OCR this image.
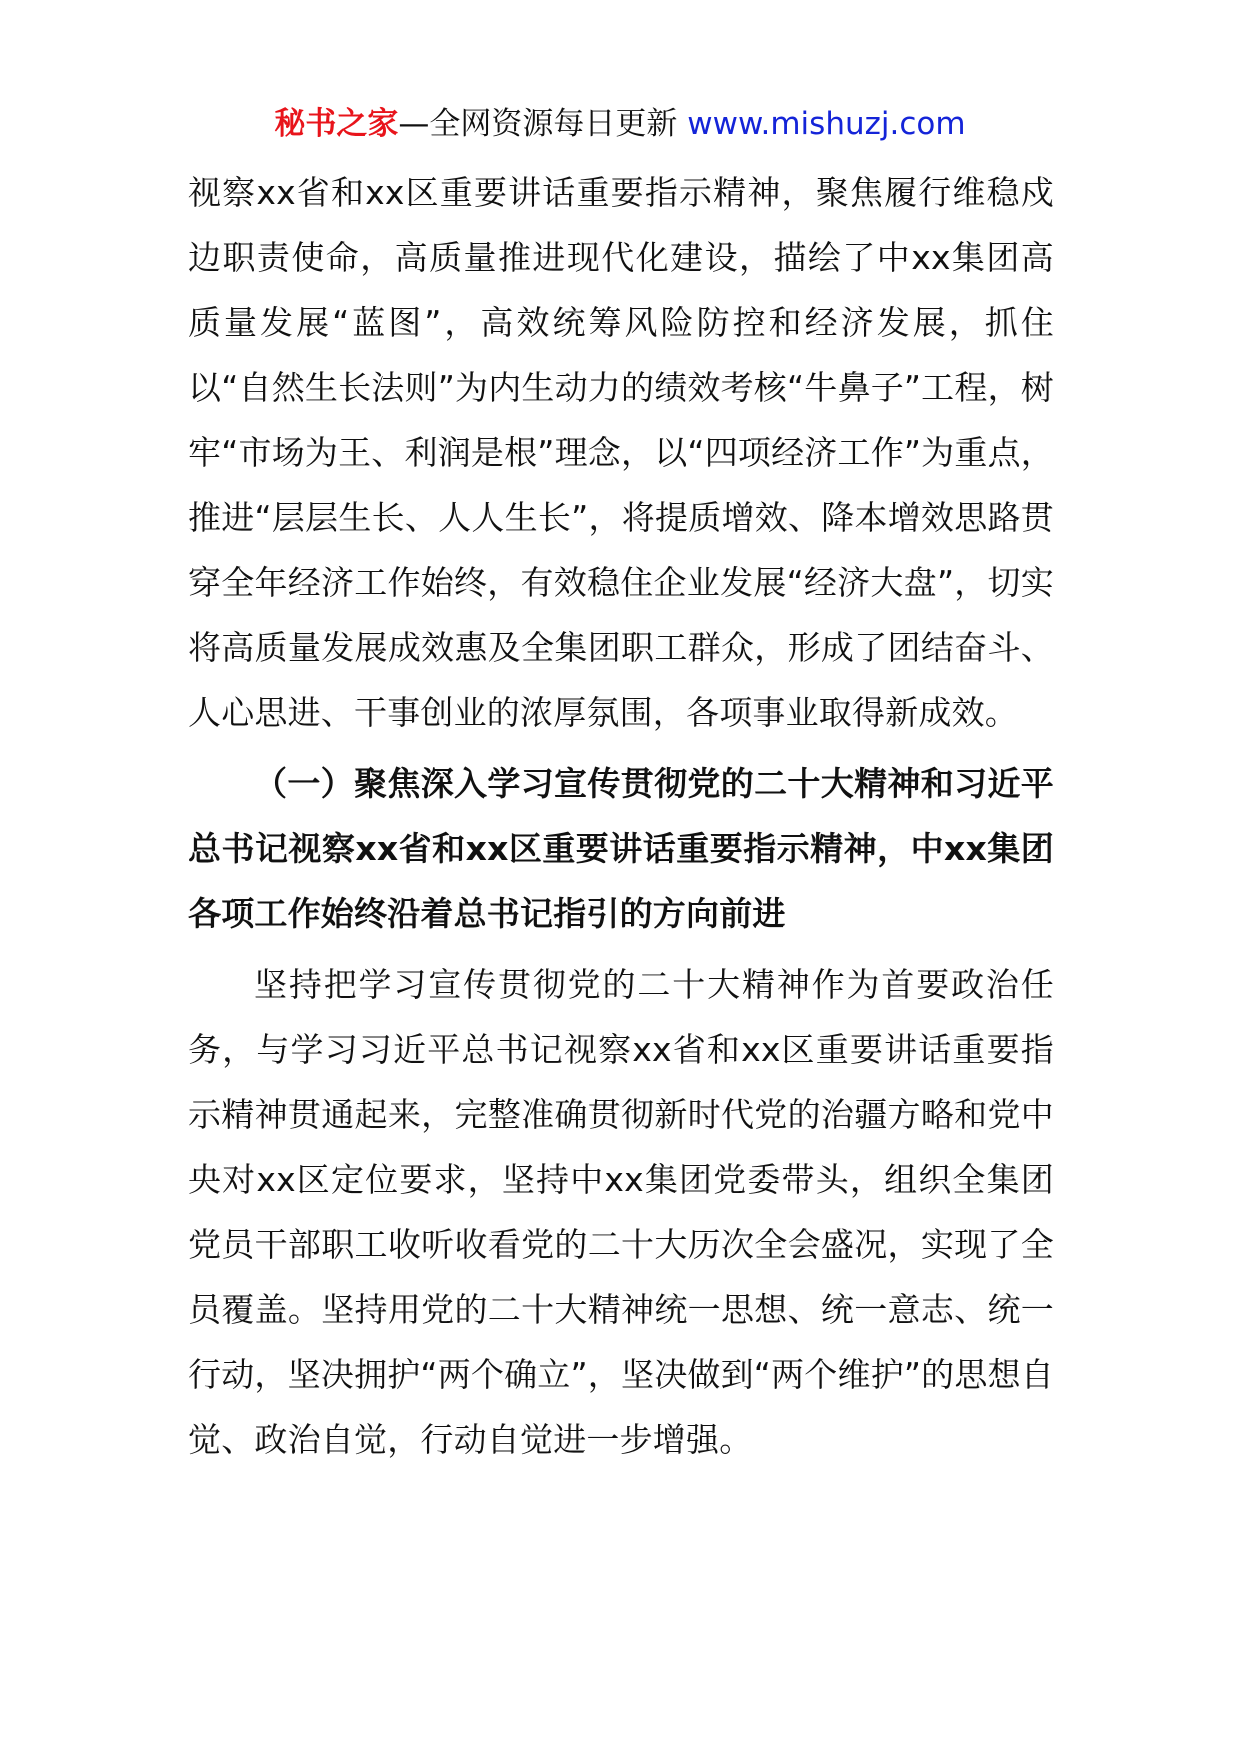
秘书之家—全网资源每日更新 www.mishuzj.com

视察xx省和xx区重要讲话重要指示精神，聚焦履行维稳戍边职责使命，高质量推进现代化建设，描绘了中xx集团高质量发展“蓝图”，高效统筹风险防控和经济发展，抓住以“自然生长法则”为内生动力的绩效考核“牛鼻子”工程，树牢“市场为王、利润是根”理念，以“四项经济工作”为重点，推进“层层生长、人人生长”，将提质增效、降本增效思路贯穿全年经济工作始终，有效稳住企业发展“经济大盘”，切实将高质量发展成效惠及全集团职工群众，形成了团结奋斗、人心思进、干事创业的浓厚氛围，各项事业取得新成效。

（一）聚焦深入学习宣传贯彻党的二十大精神和习近平总书记视察xx省和xx区重要讲话重要指示精神，中xx集团各项工作始终沿着总书记指引的方向前进

坚持把学习宣传贯彻党的二十大精神作为首要政治任务，与学习习近平总书记视察xx省和xx区重要讲话重要指示精神贯通起来，完整准确贯彻新时代党的治疆方略和党中央对xx区定位要求，坚持中xx集团党委带头，组织全集团党员干部职工收听收看党的二十大历次全会盛况，实现了全员覆盖。坚持用党的二十大精神统一思想、统一意志、统一行动，坚决拥护“两个确立”，坚决做到“两个维护”的思想自觉、政治自觉，行动自觉进一步增强。
